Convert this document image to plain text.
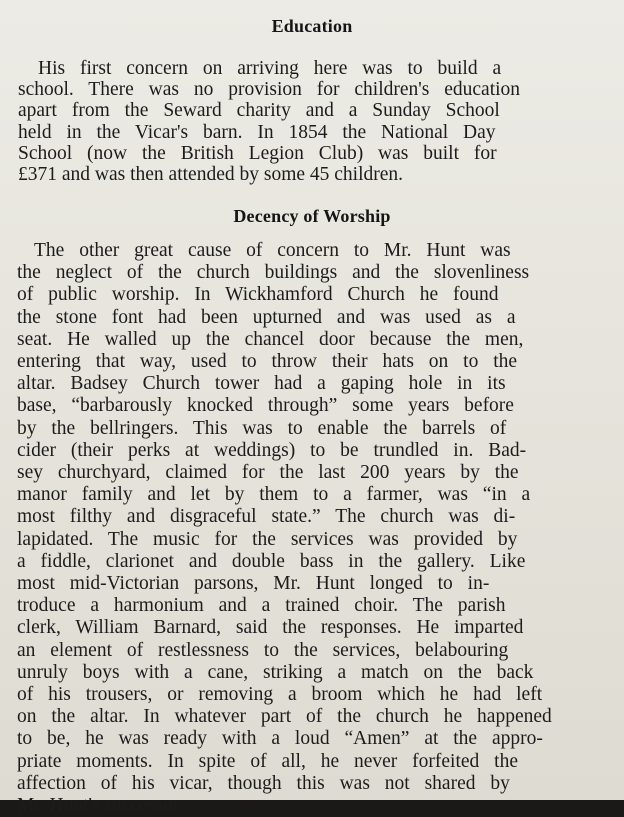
Education
His first concern on arriving here was to build a
school. There was no provision for children's education
apart from the Seward charity and a Sunday School
held in the Vicar's barn. In 1854 the National Day
School (now the British Legion Club) was built for
£371 and was then attended by some 45 children.
Decency of Worship
The other great cause of concern to Mr. Hunt was
the neglect of the church buildings and the slovenliness
of public worship. In Wickhamford Church he found
the stone font had been upturned and was used as a
seat. He walled up the chancel door because the men,
entering that way, used to throw their hats on to the
altar. Badsey Church tower had a gaping hole in its
base, “barbarously knocked through” some years before
by the bellringers. This was to enable the barrels of
cider (their perks at weddings) to be trundled in. Bad-
sey churchyard, claimed for the last 200 years by the
manor family and let by them to a farmer, was “in a
most filthy and disgraceful state.” The church was di-
lapidated. The music for the services was provided by
a fiddle, clarionet and double bass in the gallery. Like
most mid-Victorian parsons, Mr. Hunt longed to in-
troduce a harmonium and a trained choir. The parish
clerk, William Barnard, said the responses. He imparted
an element of restlessness to the services, belabouring
unruly boys with a cane, striking a match on the back
of his trousers, or removing a broom which he had left
on the altar. In whatever part of the church he happened
to be, he was ready with a loud “Amen” at the appro-
priate moments. In spite of all, he never forfeited the
affection of his vicar, though this was not shared by
Mr. Hunt's successor.
